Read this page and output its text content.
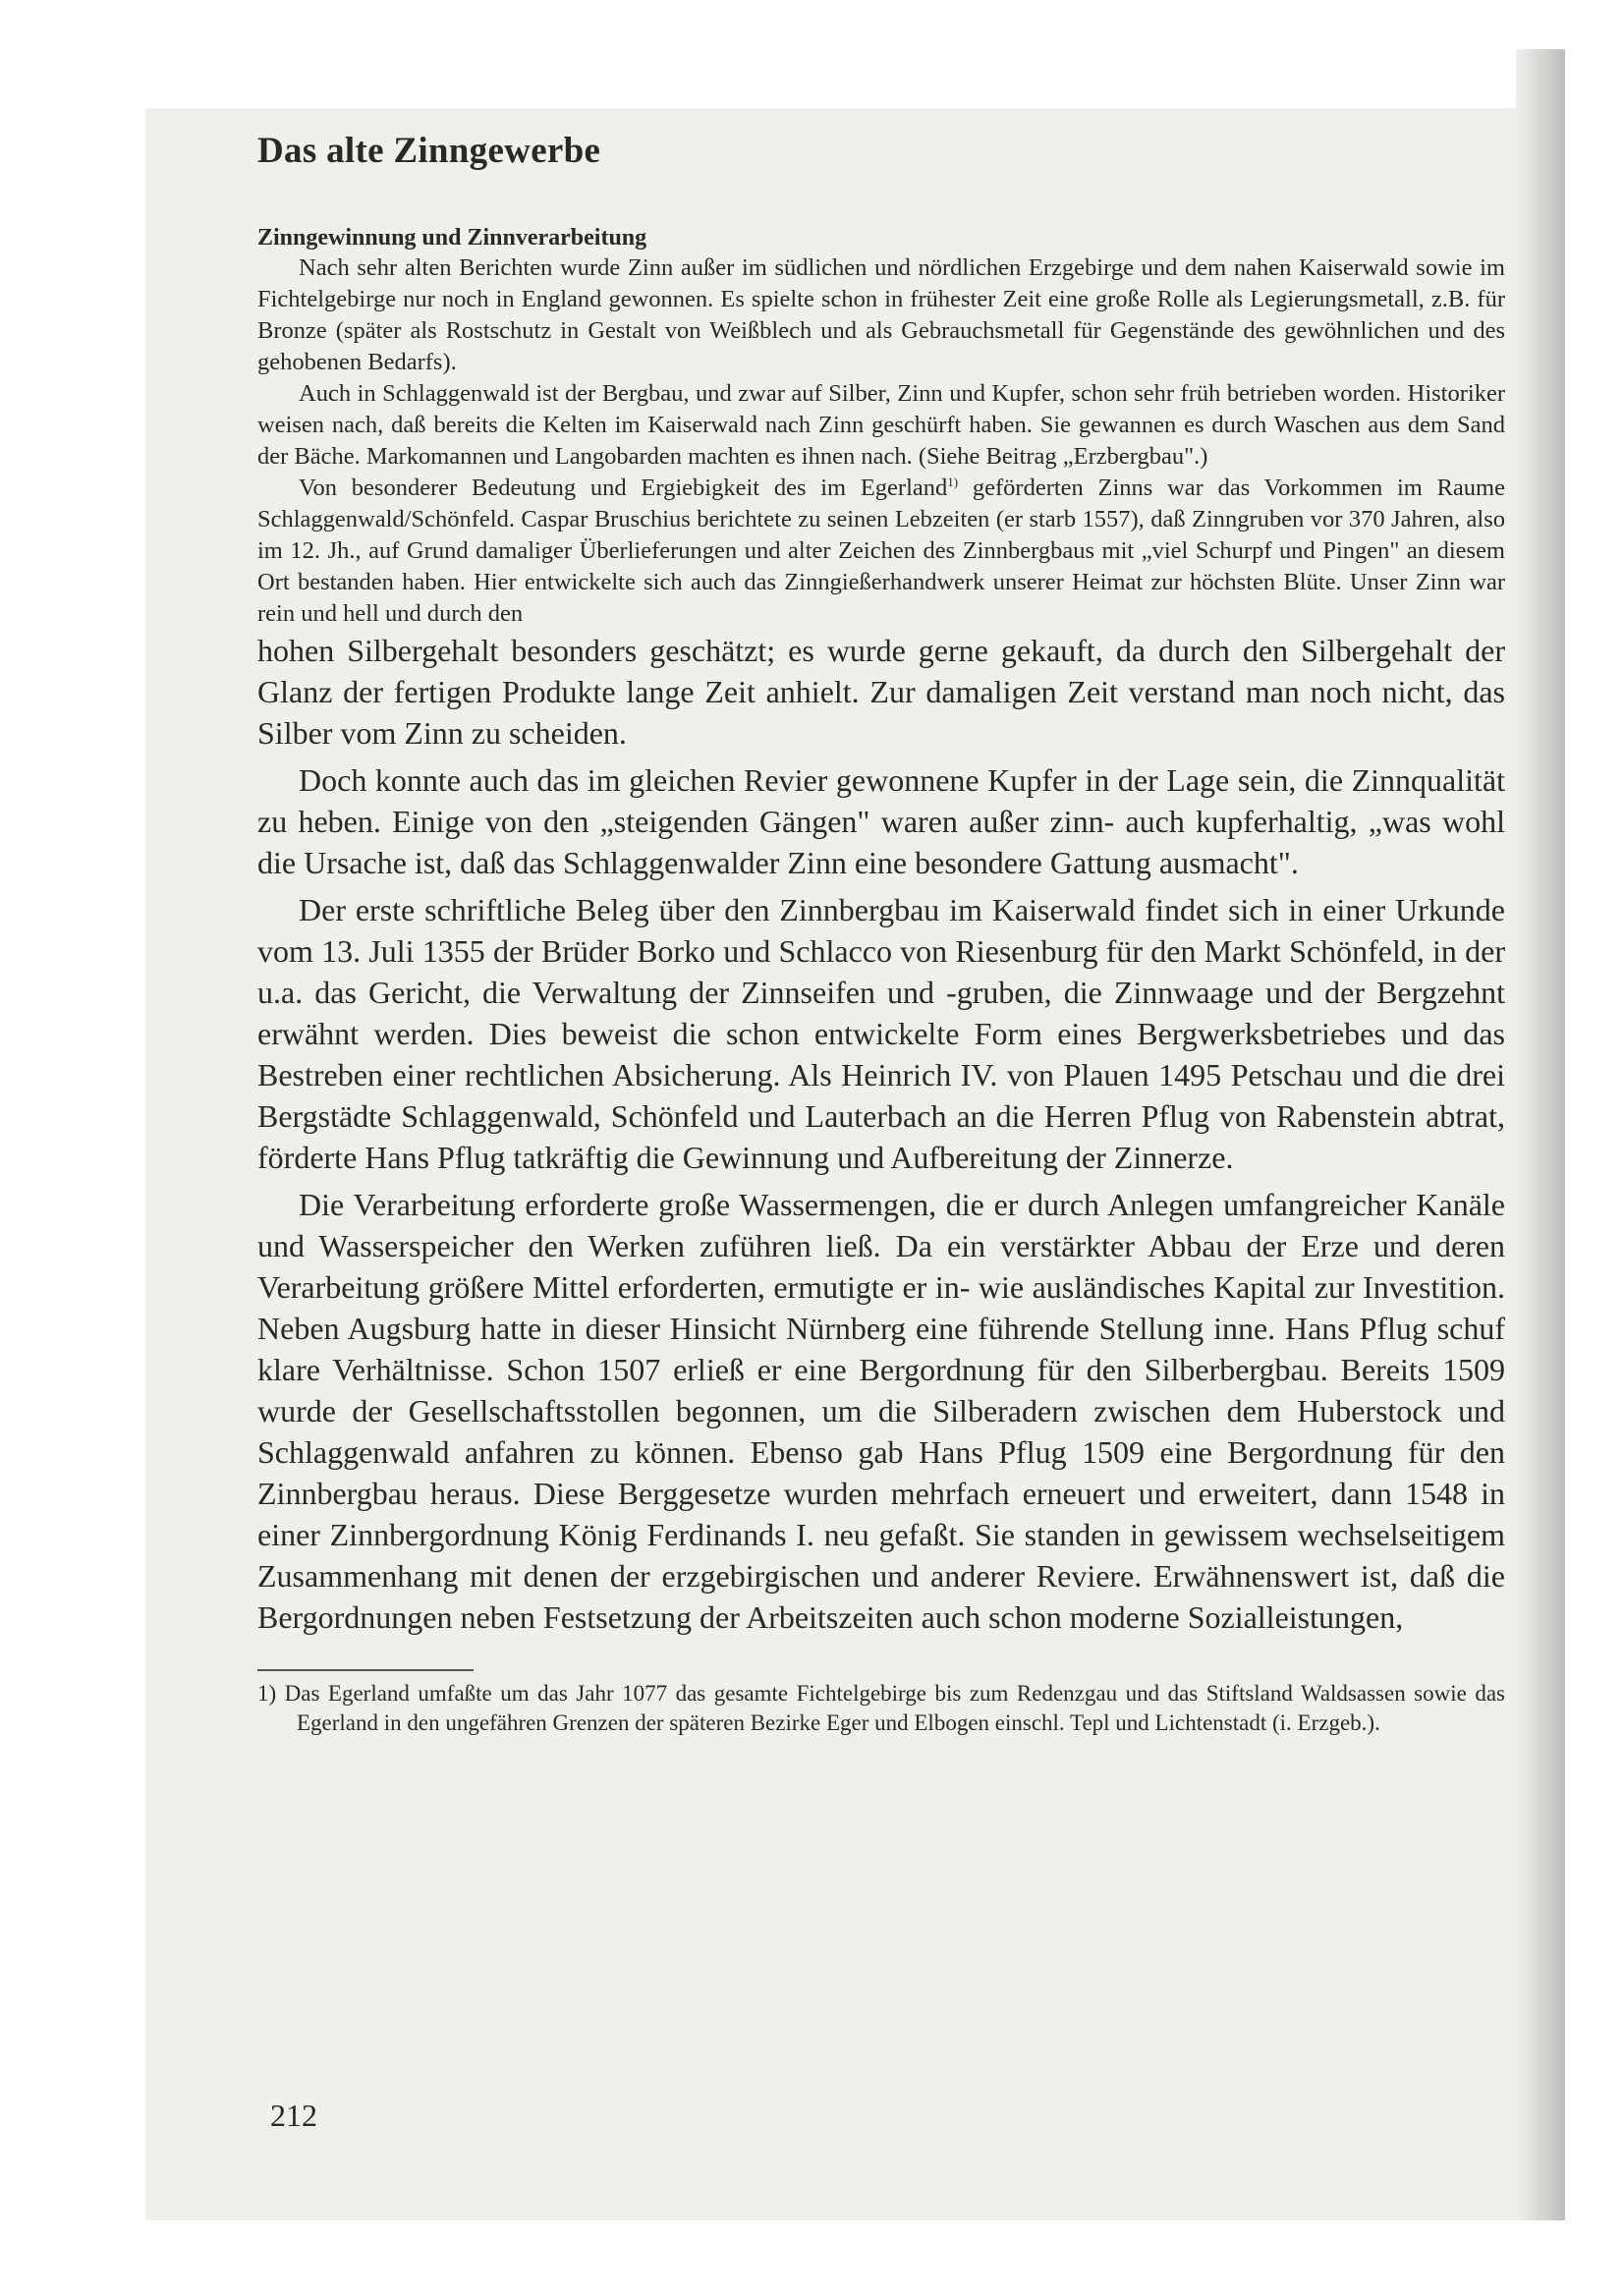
Das alte Zinngewerbe
Zinngewinnung und Zinnverarbeitung

Nach sehr alten Berichten wurde Zinn außer im südlichen und nördlichen Erzgebirge und dem nahen Kaiserwald sowie im Fichtelgebirge nur noch in England gewonnen. Es spielte schon in frühester Zeit eine große Rolle als Legierungsmetall, z.B. für Bronze (später als Rostschutz in Gestalt von Weißblech und als Gebrauchsmetall für Gegenstände des gewöhnlichen und des gehobenen Bedarfs).

Auch in Schlaggenwald ist der Bergbau, und zwar auf Silber, Zinn und Kupfer, schon sehr früh betrieben worden. Historiker weisen nach, daß bereits die Kelten im Kaiserwald nach Zinn geschürft haben. Sie gewannen es durch Waschen aus dem Sand der Bäche. Markomannen und Langobarden machten es ihnen nach. (Siehe Beitrag „Erzbergbau".)

Von besonderer Bedeutung und Ergiebigkeit des im Egerland$^{1)}$ geförderten Zinns war das Vorkommen im Raume Schlaggenwald/Schönfeld. Caspar Bruschius berichtete zu seinen Lebzeiten (er starb 1557), daß Zinngruben vor 370 Jahren, also im 12. Jh., auf Grund damaliger Überlieferungen und alter Zeichen des Zinnbergbaus mit „viel Schurpf und Pingen" an diesem Ort bestanden haben. Hier entwickelte sich auch das Zinngießerhandwerk unserer Heimat zur höchsten Blüte. Unser Zinn war rein und hell und durch den

hohen Silbergehalt besonders geschätzt; es wurde gerne gekauft, da durch den Silbergehalt der Glanz der fertigen Produkte lange Zeit anhielt. Zur damaligen Zeit verstand man noch nicht, das Silber vom Zinn zu scheiden.

Doch konnte auch das im gleichen Revier gewonnene Kupfer in der Lage sein, die Zinnqualität zu heben. Einige von den „steigenden Gängen" waren außer zinn- auch kupferhaltig, „was wohl die Ursache ist, daß das Schlaggenwalder Zinn eine besondere Gattung ausmacht".

Der erste schriftliche Beleg über den Zinnbergbau im Kaiserwald findet sich in einer Urkunde vom 13. Juli 1355 der Brüder Borko und Schlacco von Riesenburg für den Markt Schönfeld, in der u.a. das Gericht, die Verwaltung der Zinnseifen und -gruben, die Zinnwaage und der Bergzehnt erwähnt werden. Dies beweist die schon entwickelte Form eines Bergwerksbetriebes und das Bestreben einer rechtlichen Absicherung. Als Heinrich IV. von Plauen 1495 Petschau und die drei Bergstädte Schlaggenwald, Schönfeld und Lauterbach an die Herren Pflug von Rabenstein abtrat, förderte Hans Pflug tatkräftig die Gewinnung und Aufbereitung der Zinnerze.

Die Verarbeitung erforderte große Wassermengen, die er durch Anlegen umfangreicher Kanäle und Wasserspeicher den Werken zuführen ließ. Da ein verstärkter Abbau der Erze und deren Verarbeitung größere Mittel erforderten, ermutigte er in- wie ausländisches Kapital zur Investition. Neben Augsburg hatte in dieser Hinsicht Nürnberg eine führende Stellung inne. Hans Pflug schuf klare Verhältnisse. Schon 1507 erließ er eine Bergordnung für den Silberbergbau. Bereits 1509 wurde der Gesellschaftsstollen begonnen, um die Silberadern zwischen dem Huberstock und Schlaggenwald anfahren zu können. Ebenso gab Hans Pflug 1509 eine Bergordnung für den Zinnbergbau heraus. Diese Berggesetze wurden mehrfach erneuert und erweitert, dann 1548 in einer Zinnbergordnung König Ferdinands I. neu gefaßt. Sie standen in gewissem wechselseitigem Zusammenhang mit denen der erzgebirgischen und anderer Reviere. Erwähnenswert ist, daß die Bergordnungen neben Festsetzung der Arbeitszeiten auch schon moderne Sozialleistungen,

1) Das Egerland umfaßte um das Jahr 1077 das gesamte Fichtelgebirge bis zum Redenzgau und das Stiftsland Waldsassen sowie das Egerland in den ungefähren Grenzen der späteren Bezirke Eger und Elbogen einschl. Tepl und Lichtenstadt (i. Erzgeb.).

212
